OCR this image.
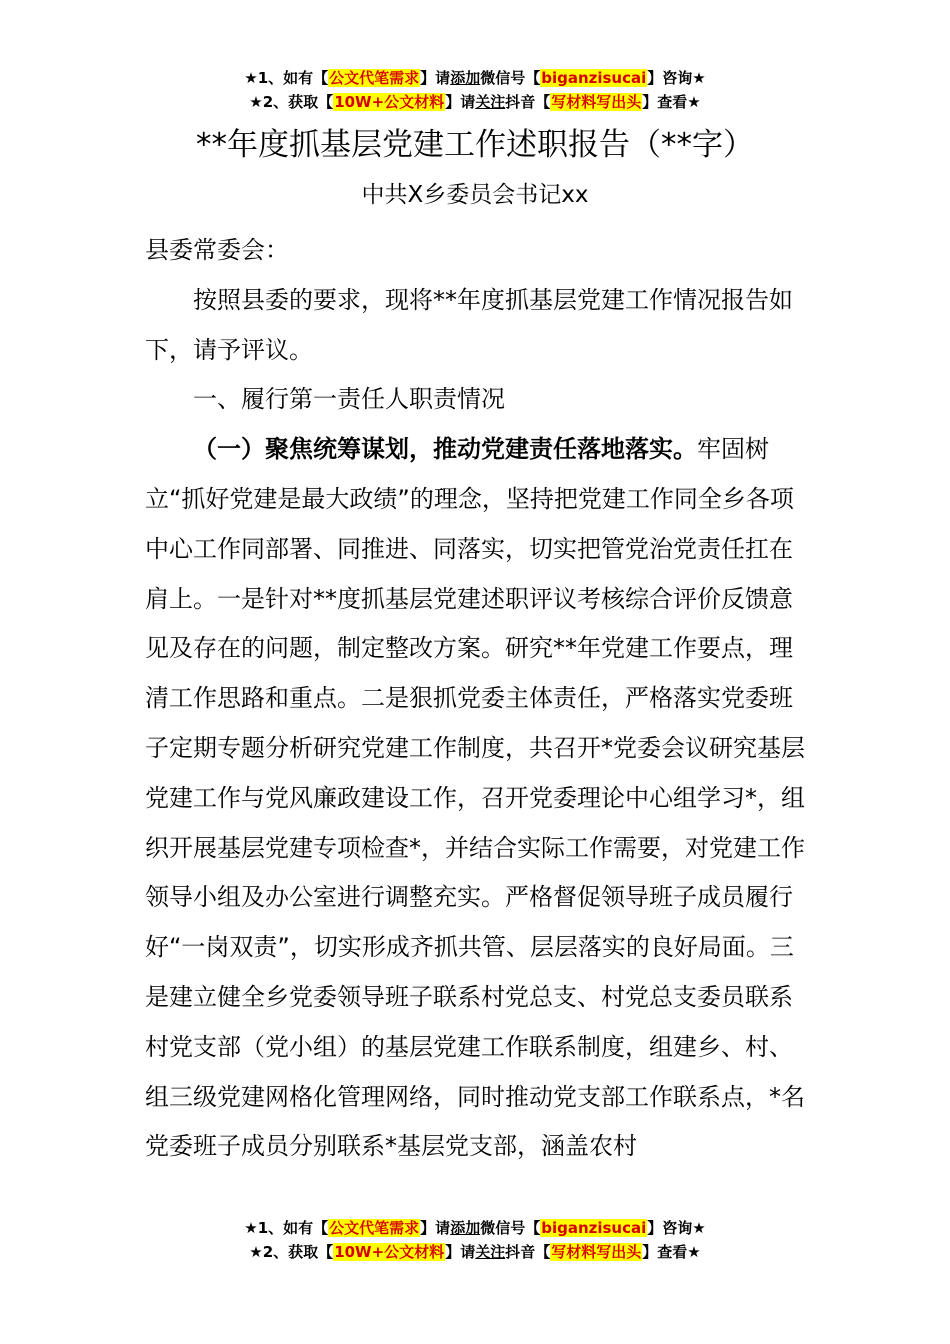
★1、如有【公文代笔需求】请添加微信号【biganzisucai】咨询★
★2、获取【10W+公文材料】请关注抖音【写材料写出头】查看★
**年度抓基层党建工作述职报告（**字）
中共X乡委员会书记xx

县委常委会：

按照县委的要求，现将**年度抓基层党建工作情况报告如下，请予评议。

一、履行第一责任人职责情况

（一）聚焦统筹谋划，推动党建责任落地落实。牢固树立“抓好党建是最大政绩”的理念，坚持把党建工作同全乡各项中心工作同部署、同推进、同落实，切实把管党治党责任扛在肩上。一是针对**度抓基层党建述职评议考核综合评价反馈意见及存在的问题，制定整改方案。研究**年党建工作要点，理清工作思路和重点。二是狠抓党委主体责任，严格落实党委班子定期专题分析研究党建工作制度，共召开*党委会议研究基层党建工作与党风廉政建设工作，召开党委理论中心组学习*，组织开展基层党建专项检查*，并结合实际工作需要，对党建工作领导小组及办公室进行调整充实。严格督促领导班子成员履行好“一岗双责”，切实形成齐抓共管、层层落实的良好局面。三是建立健全乡党委领导班子联系村党总支、村党总支委员联系村党支部（党小组）的基层党建工作联系制度，组建乡、村、组三级党建网格化管理网络，同时推动党支部工作联系点，*名党委班子成员分别联系*基层党支部，涵盖农村

★1、如有【公文代笔需求】请添加微信号【biganzisucai】咨询★
★2、获取【10W+公文材料】请关注抖音【写材料写出头】查看★
